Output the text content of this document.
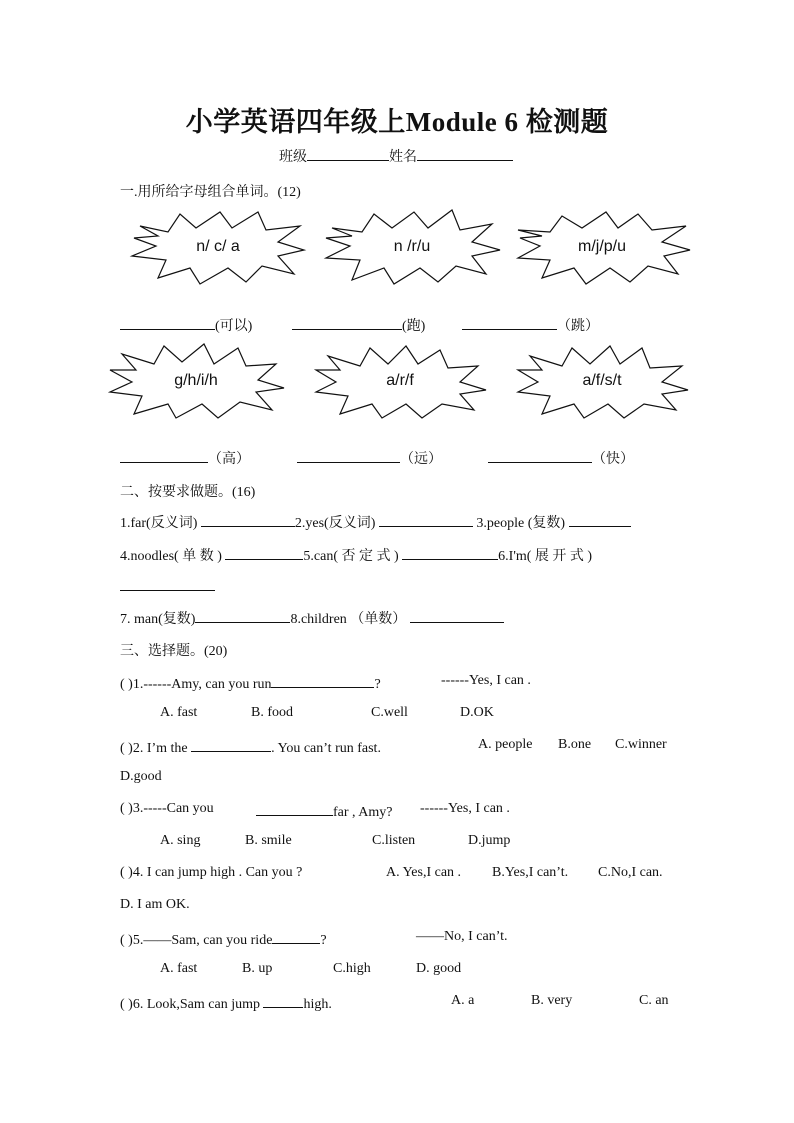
小学英语四年级上Module 6 检测题
班级	姓名
一.用所给字母组合单词。(12)
n/ c/ a	n /r/u	m/j/p/u
(可以)	(跑)	（跳）
g/h/i/h	a/r/f	a/f/s/t
（高）	（远）	（快）
二、按要求做题。(16)
1.far(反义词)	2.yes(反义词)	3.people (复数)
4.noodles( 单 数 )	5.can( 否 定 式 )	6.I'm( 展 开 式 )
7. man(复数)	8.children （单数）
三、选择题。(20)
( )1.------Amy, can you run	?	------Yes, I can .
A. fast	B. food	C.well	D.OK
( )2. I’m the	. You can’t run fast.	A. people B.one C.winner
D.good
( )3.-----Can you	far , Amy? ------Yes, I can .
A. sing	B. smile	C.listen	D.jump
( )4. I can jump high . Can you ?	A. Yes,I can . B.Yes,I can’t. C.No,I can.
D. I am OK.
( )5.——Sam, can you ride	?	——No, I can’t.
A. fast	B. up	C.high	D. good
( )6. Look,Sam can jump	high.	A. a	B. very	C. an
